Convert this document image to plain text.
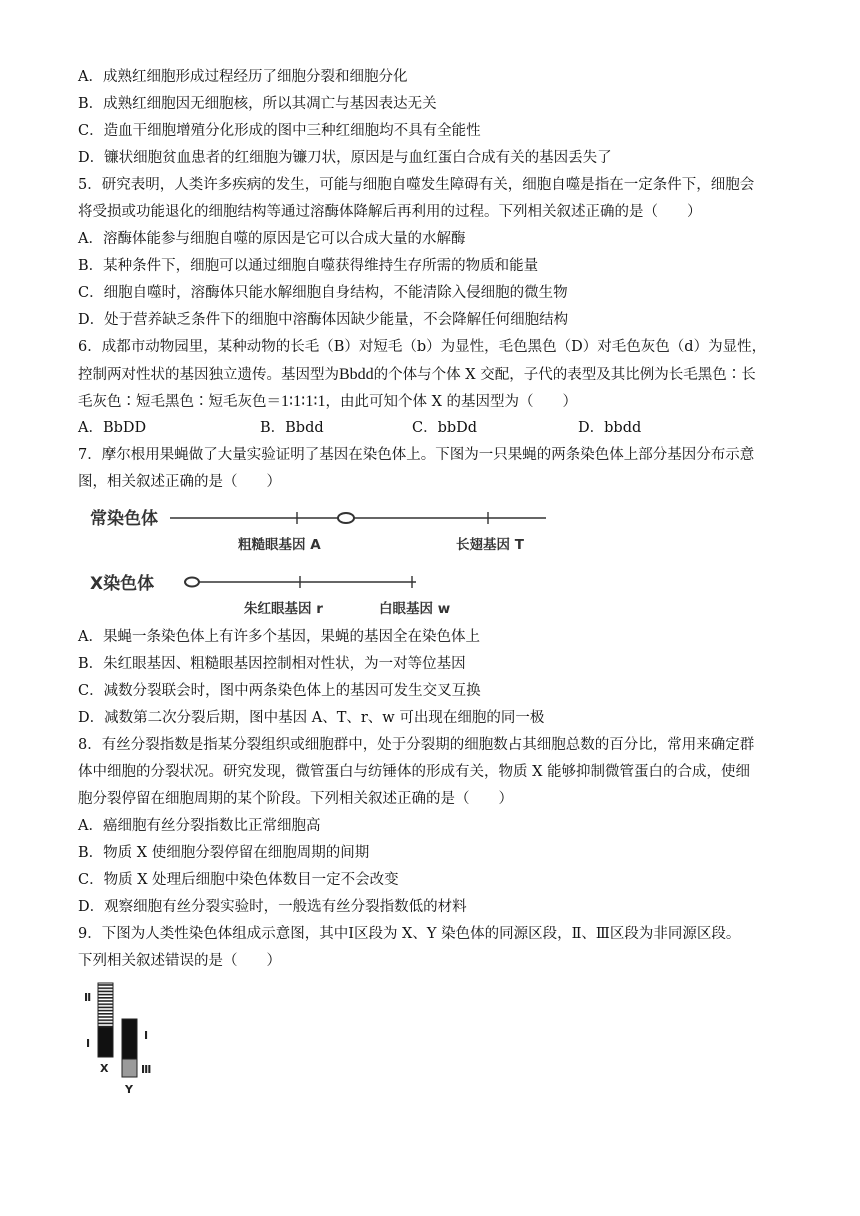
A．成熟红细胞形成过程经历了细胞分裂和细胞分化
B．成熟红细胞因无细胞核，所以其凋亡与基因表达无关
C．造血干细胞增殖分化形成的图中三种红细胞均不具有全能性
D．镰状细胞贫血患者的红细胞为镰刀状，原因是与血红蛋白合成有关的基因丢失了
5．研究表明，人类许多疾病的发生，可能与细胞自噬发生障碍有关，细胞自噬是指在一定条件下，细胞会
将受损或功能退化的细胞结构等通过溶酶体降解后再利用的过程。下列相关叙述正确的是（　　）
A．溶酶体能参与细胞自噬的原因是它可以合成大量的水解酶
B．某种条件下，细胞可以通过细胞自噬获得维持生存所需的物质和能量
C．细胞自噬时，溶酶体只能水解细胞自身结构，不能清除入侵细胞的微生物
D．处于营养缺乏条件下的细胞中溶酶体因缺少能量，不会降解任何细胞结构
6．成都市动物园里，某种动物的长毛（B）对短毛（b）为显性，毛色黑色（D）对毛色灰色（d）为显性，
控制两对性状的基因独立遗传。基因型为Bbdd的个体与个体 X 交配，子代的表型及其比例为长毛黑色∶长
毛灰色∶短毛黑色∶短毛灰色＝1∶1∶1∶1，由此可知个体 X 的基因型为（　　）
A．BbDD	B．Bbdd	C．bbDd	D．bbdd
7．摩尔根用果蝇做了大量实验证明了基因在染色体上。下图为一只果蝇的两条染色体上部分基因分布示意
图，相关叙述正确的是（　　）
常染色体
粗糙眼基因 A	长翅基因 T
X染色体
朱红眼基因 r	白眼基因 w
A．果蝇一条染色体上有许多个基因，果蝇的基因全在染色体上
B．朱红眼基因、粗糙眼基因控制相对性状，为一对等位基因
C．减数分裂联会时，图中两条染色体上的基因可发生交叉互换
D．减数第二次分裂后期，图中基因 A、T、r、w 可出现在细胞的同一极
8．有丝分裂指数是指某分裂组织或细胞群中，处于分裂期的细胞数占其细胞总数的百分比，常用来确定群
体中细胞的分裂状况。研究发现，微管蛋白与纺锤体的形成有关，物质 X 能够抑制微管蛋白的合成，使细
胞分裂停留在细胞周期的某个阶段。下列相关叙述正确的是（　　）
A．癌细胞有丝分裂指数比正常细胞高
B．物质 X 使细胞分裂停留在细胞周期的间期
C．物质 X 处理后细胞中染色体数目一定不会改变
D．观察细胞有丝分裂实验时，一般选有丝分裂指数低的材料
9．下图为人类性染色体组成示意图，其中Ⅰ区段为 X、Y 染色体的同源区段，Ⅱ、Ⅲ区段为非同源区段。
下列相关叙述错误的是（　　）
Ⅱ
Ⅰ
X
Ⅰ
Ⅲ
Y
